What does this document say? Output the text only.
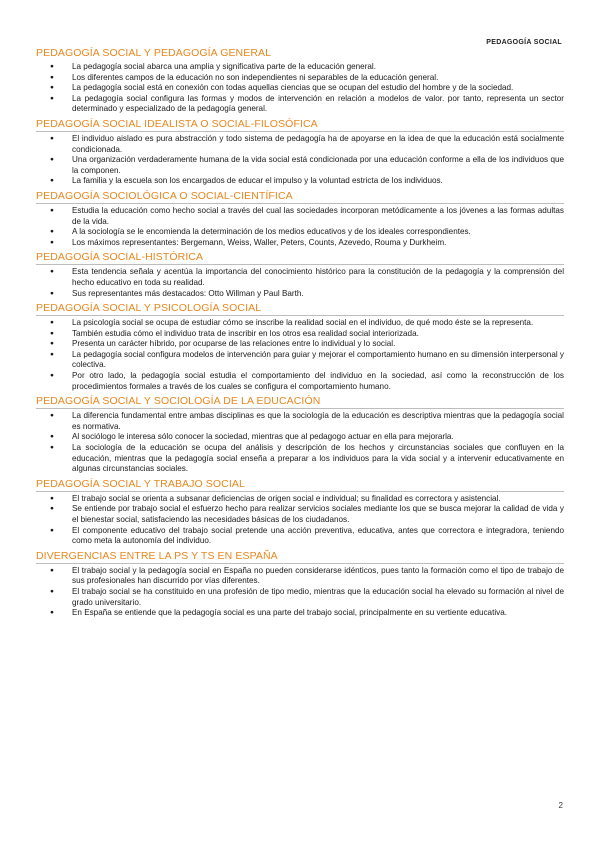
PEDAGOGÍA SOCIAL
PEDAGOGÍA SOCIAL Y PEDAGOGÍA GENERAL
● La pedagogía social abarca una amplia y significativa parte de la educación general.
● Los diferentes campos de la educación no son independientes ni separables de la educación general.
● La pedagogía social está en conexión con todas aquellas ciencias que se ocupan del estudio del hombre y de la sociedad.
● La pedagogía social configura las formas y modos de intervención en relación a modelos de valor. por tanto, representa un sector determinado y especializado de la pedagogía general.
PEDAGOGÍA SOCIAL IDEALISTA O SOCIAL-FILOSÓFICA
● El individuo aislado es pura abstracción y todo sistema de pedagogía ha de apoyarse en la idea de que la educación está socialmente condicionada.
● Una organización verdaderamente humana de la vida social está condicionada por una educación conforme a ella de los individuos que la componen.
● La familia y la escuela son los encargados de educar el impulso y la voluntad estricta de los individuos.
PEDAGOGÍA SOCIOLÓGICA O SOCIAL-CIENTÍFICA
● Estudia la educación como hecho social a través del cual las sociedades incorporan metódicamente a los jóvenes a las formas adultas de la vida.
● A la sociología se le encomienda la determinación de los medios educativos y de los ideales correspondientes.
● Los máximos representantes: Bergemann, Weiss, Waller, Peters, Counts, Azevedo, Rouma y Durkheim.
PEDAGOGÍA SOCIAL-HISTÓRICA
● Esta tendencia señala y acentúa la importancia del conocimiento histórico para la constitución de la pedagogía y la comprensión del hecho educativo en toda su realidad.
● Sus representantes más destacados: Otto Willman y Paul Barth.
PEDAGOGÍA SOCIAL Y PSICOLOGÍA SOCIAL
● La psicología social se ocupa de estudiar cómo se inscribe la realidad social en el individuo, de qué modo éste se la representa.
● También estudia cómo el individuo trata de inscribir en los otros esa realidad social interiorizada.
● Presenta un carácter híbrido, por ocuparse de las relaciones entre lo individual y lo social.
● La pedagogía social configura modelos de intervención para guiar y mejorar el comportamiento humano en su dimensión interpersonal y colectiva.
● Por otro lado, la pedagogía social estudia el comportamiento del individuo en la sociedad, así como la reconstrucción de los procedimientos formales a través de los cuales se configura el comportamiento humano.
PEDAGOGÍA SOCIAL Y SOCIOLOGÍA DE LA EDUCACIÓN
● La diferencia fundamental entre ambas disciplinas es que la sociología de la educación es descriptiva mientras que la pedagogía social es normativa.
● Al sociólogo le interesa sólo conocer la sociedad, mientras que al pedagogo actuar en ella para mejorarla.
● La sociología de la educación se ocupa del análisis y descripción de los hechos y circunstancias sociales que confluyen en la educación, mientras que la pedagogía social enseña a preparar a los individuos para la vida social y a intervenir educativamente en algunas circunstancias sociales.
PEDAGOGÍA SOCIAL Y TRABAJO SOCIAL
● El trabajo social se orienta a subsanar deficiencias de origen social e individual; su finalidad es correctora y asistencial.
● Se entiende por trabajo social el esfuerzo hecho para realizar servicios sociales mediante los que se busca mejorar la calidad de vida y el bienestar social, satisfaciendo las necesidades básicas de los ciudadanos.
● El componente educativo del trabajo social pretende una acción preventiva, educativa, antes que correctora e integradora, teniendo como meta la autonomía del individuo.
DIVERGENCIAS ENTRE LA PS Y TS EN ESPAÑA
● El trabajo social y la pedagogía social en España no pueden considerarse idénticos, pues tanto la formación como el tipo de trabajo de sus profesionales han discurrido por vías diferentes.
● El trabajo social se ha constituido en una profesión de tipo medio, mientras que la educación social ha elevado su formación al nivel de grado universitario.
● En España se entiende que la pedagogía social es una parte del trabajo social, principalmente en su vertiente educativa.
2
